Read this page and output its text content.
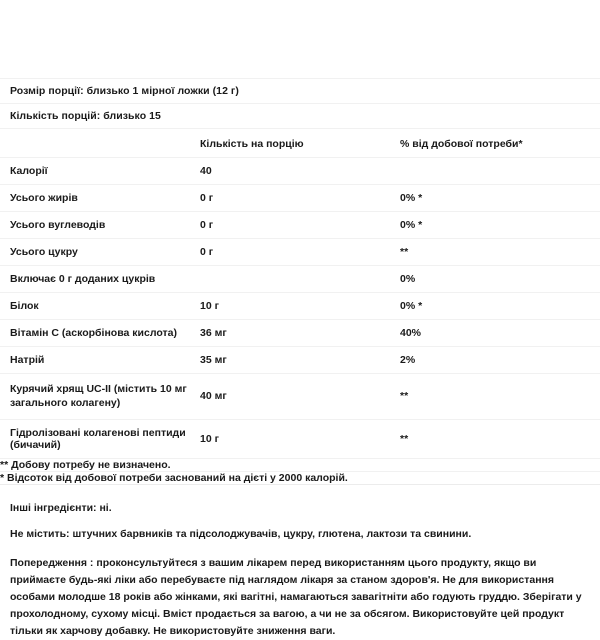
Розмір порції: близько 1 мірної ложки (12 г)		
Кількість порцій: близько 15		
	Кількість на порцію	% від добової потреби*
Калорії	40	
Усього жирів	0 г	0% *
Усього вуглеводів	0 г	0% *
Усього цукру	0 г	**
Включає 0 г доданих цукрів		0%
Білок	10 г	0% *
Вітамін C (аскорбінова кислота)	36 мг	40%
Натрій	35 мг	2%

Курячий хрящ UC-II (містить 10 мг
загального колагену)	40 мг	**
Гідролізовані колагенові пептиди (бичачий)	10 г	**
** Добову потребу не визначено.		
* Відсоток від добової потреби заснований на дієті у 2000 калорій.		

Інші інгредієнти: ні.
Не містить: штучних барвників та підсолоджувачів, цукру, глютена, лактози та свинини.
Попередження : проконсультуйтеся з вашим лікарем перед використанням цього продукту, якщо ви приймаєте будь-які ліки або перебуваєте під наглядом лікаря за станом здоров'я. Не для використання особами молодше 18 років або жінками, які вагітні, намагаються завагітніти або годують груддю. Зберігати у прохолодному, сухому місці. Вміст продається за вагою, а чи не за обсягом. Використовуйте цей продукт тільки як харчову добавку. Не використовуйте зниження ваги.
